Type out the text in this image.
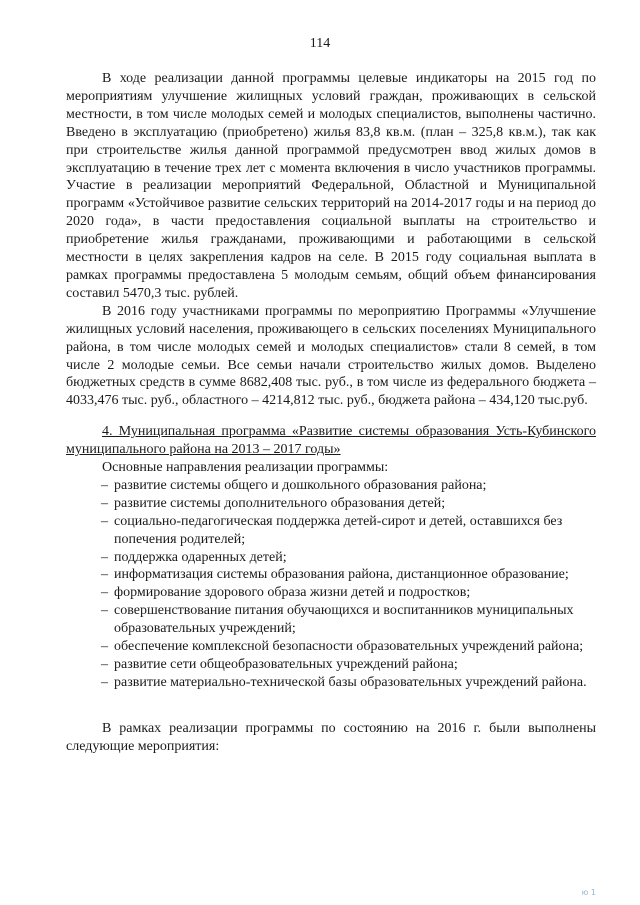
114

В ходе реализации данной программы целевые индикаторы на 2015 год по мероприятиям улучшение жилищных условий граждан, проживающих в сельской местности, в том числе молодых семей и молодых специалистов, выполнены частично. Введено в эксплуатацию (приобретено) жилья 83,8 кв.м. (план – 325,8 кв.м.), так как при строительстве жилья данной программой предусмотрен ввод жилых домов в эксплуатацию в течение трех лет с момента включения в число участников программы. Участие в реализации мероприятий Федеральной, Областной и Муниципальной программ «Устойчивое развитие сельских территорий на 2014-2017 годы и на период до 2020 года», в части предоставления социальной выплаты на строительство и приобретение жилья гражданами, проживающими и работающими в сельской местности в целях закрепления кадров на селе. В 2015 году социальная выплата в рамках программы предоставлена 5 молодым семьям, общий объем финансирования составил 5470,3 тыс. рублей.

В 2016 году участниками программы по мероприятию Программы «Улучшение жилищных условий населения, проживающего в сельских поселениях Муниципального района, в том числе молодых семей и молодых специалистов» стали 8 семей, в том числе 2 молодые семьи. Все семьи начали строительство жилых домов. Выделено бюджетных средств в сумме 8682,408 тыс. руб., в том числе из федерального бюджета –4033,476 тыс. руб., областного – 4214,812 тыс. руб., бюджета района – 434,120 тыс.руб.

4. Муниципальная программа «Развитие системы образования Усть-Кубинского муниципального района на 2013 – 2017 годы»

Основные направления реализации программы:

– развитие системы общего и дошкольного образования района;
– развитие системы дополнительного образования детей;
– социально-педагогическая поддержка детей-сирот и детей, оставшихся без попечения родителей;
– поддержка одаренных детей;
– информатизация системы образования района, дистанционное образование;
– формирование здорового образа жизни детей и подростков;
– совершенствование питания обучающихся и воспитанников муниципальных образовательных учреждений;
– обеспечение комплексной безопасности образовательных учреждений района;
– развитие сети общеобразовательных учреждений района;
– развитие материально-технической базы образовательных учреждений района.

В рамках реализации программы по состоянию на 2016 г. были выполнены следующие мероприятия:

ю 1
